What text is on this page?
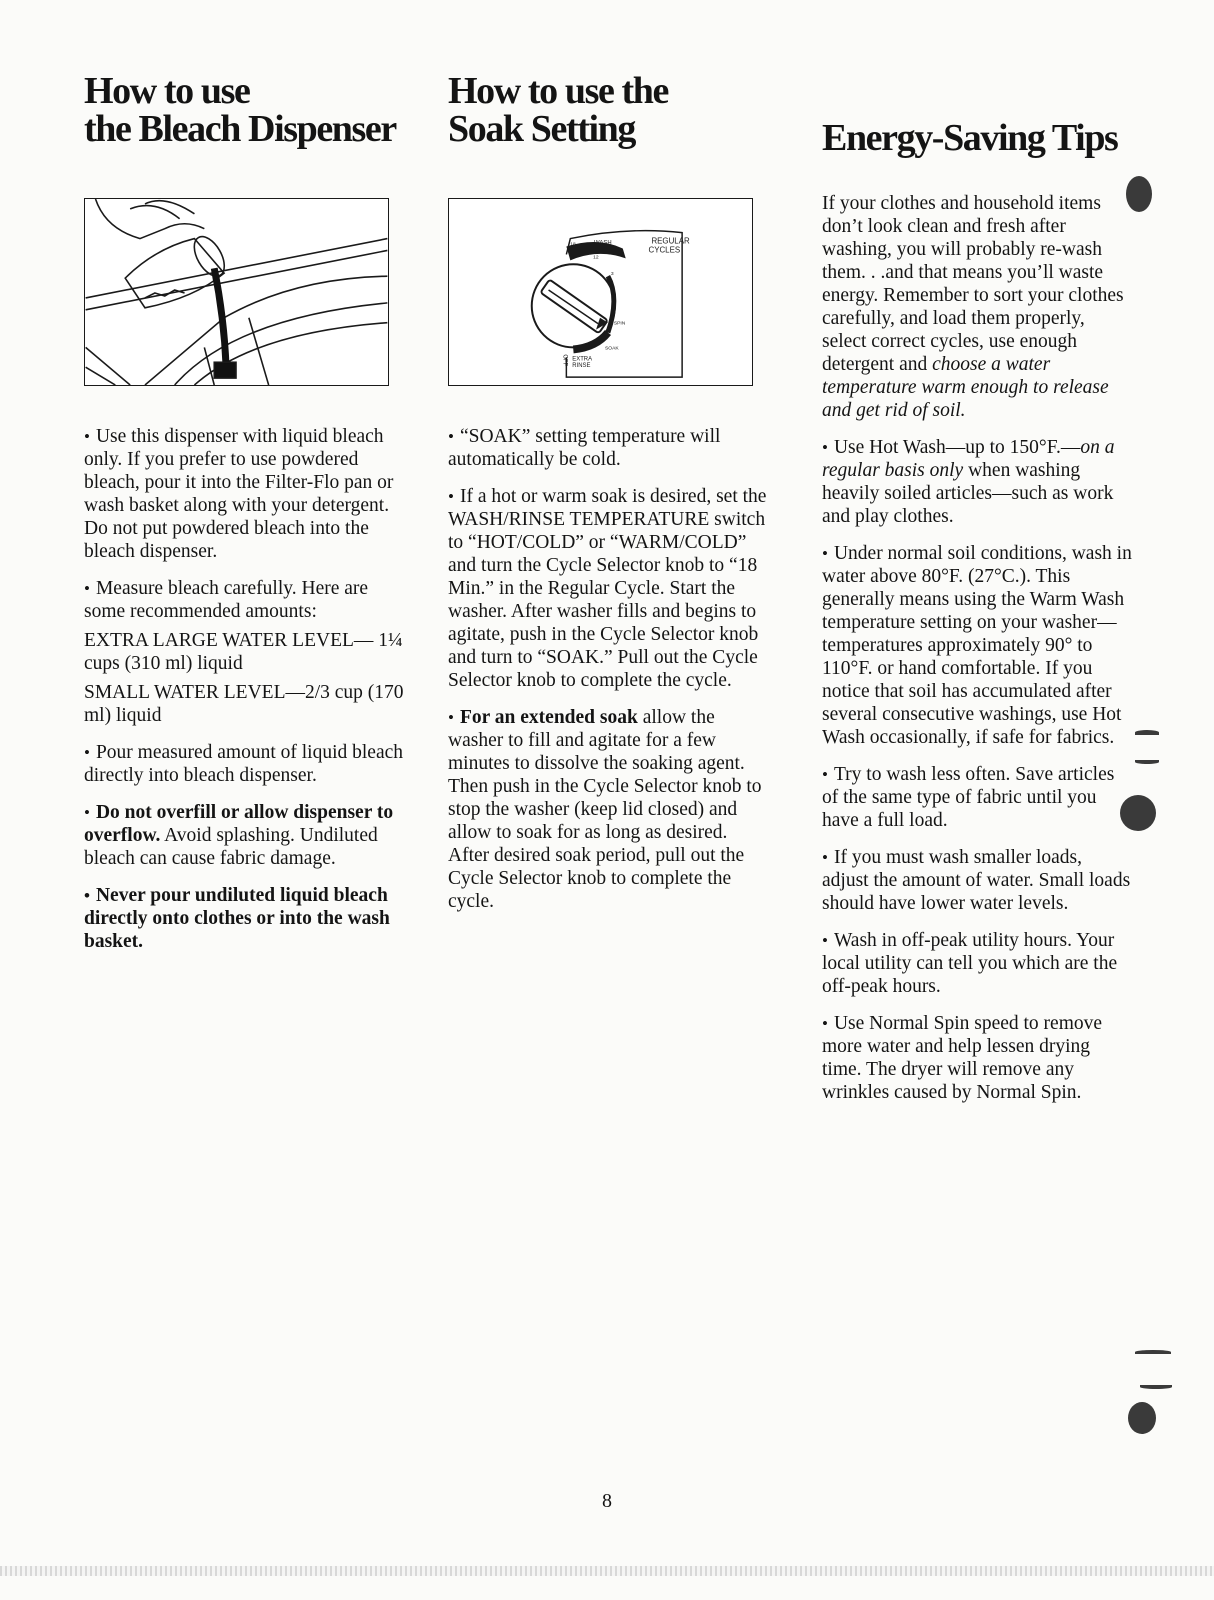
How to use
the Bleach Dispenser

• Use this dispenser with liquid bleach only. If you prefer to use powdered bleach, pour it into the Filter-Flo pan or wash basket along with your detergent. Do not put powdered bleach into the bleach dispenser.

• Measure bleach carefully. Here are some recommended amounts:

EXTRA LARGE WATER LEVEL— 1¼ cups (310 ml) liquid

SMALL WATER LEVEL—2/3 cup (170 ml) liquid

• Pour measured amount of liquid bleach directly into bleach dispenser.

• Do not overfill or allow dispenser to overflow. Avoid splashing. Undiluted bleach can cause fabric damage.

• Never pour undiluted liquid bleach directly onto clothes or into the wash basket.

How to use the
Soak Setting
WASH	REGULAR
CYCLES
18
12
3
SPIN
SOAK
EXTRA
RINSE
OFF

• “SOAK” setting temperature will automatically be cold.

• If a hot or warm soak is desired, set the WASH/RINSE TEMPERATURE switch to “HOT/COLD” or “WARM/COLD” and turn the Cycle Selector knob to “18 Min.” in the Regular Cycle. Start the washer. After washer fills and begins to agitate, push in the Cycle Selector knob and turn to “SOAK.” Pull out the Cycle Selector knob to complete the cycle.

• For an extended soak allow the washer to fill and agitate for a few minutes to dissolve the soaking agent. Then push in the Cycle Selector knob to stop the washer (keep lid closed) and allow to soak for as long as desired. After desired soak period, pull out the Cycle Selector knob to complete the cycle.

Energy-Saving Tips

If your clothes and household items don’t look clean and fresh after washing, you will probably re-wash them. . .and that means you’ll waste energy. Remember to sort your clothes carefully, and load them properly, select correct cycles, use enough detergent and choose a water temperature warm enough to release and get rid of soil.

• Use Hot Wash—up to 150°F.—on a regular basis only when washing heavily soiled articles—such as work and play clothes.

• Under normal soil conditions, wash in water above 80°F. (27°C.). This generally means using the Warm Wash temperature setting on your washer—temperatures approximately 90° to 110°F. or hand comfortable. If you notice that soil has accumulated after several consecutive washings, use Hot Wash occasionally, if safe for fabrics.

• Try to wash less often. Save articles of the same type of fabric until you have a full load.

• If you must wash smaller loads, adjust the amount of water. Small loads should have lower water levels.

• Wash in off-peak utility hours. Your local utility can tell you which are the off-peak hours.

• Use Normal Spin speed to remove more water and help lessen drying time. The dryer will remove any wrinkles caused by Normal Spin.

8
